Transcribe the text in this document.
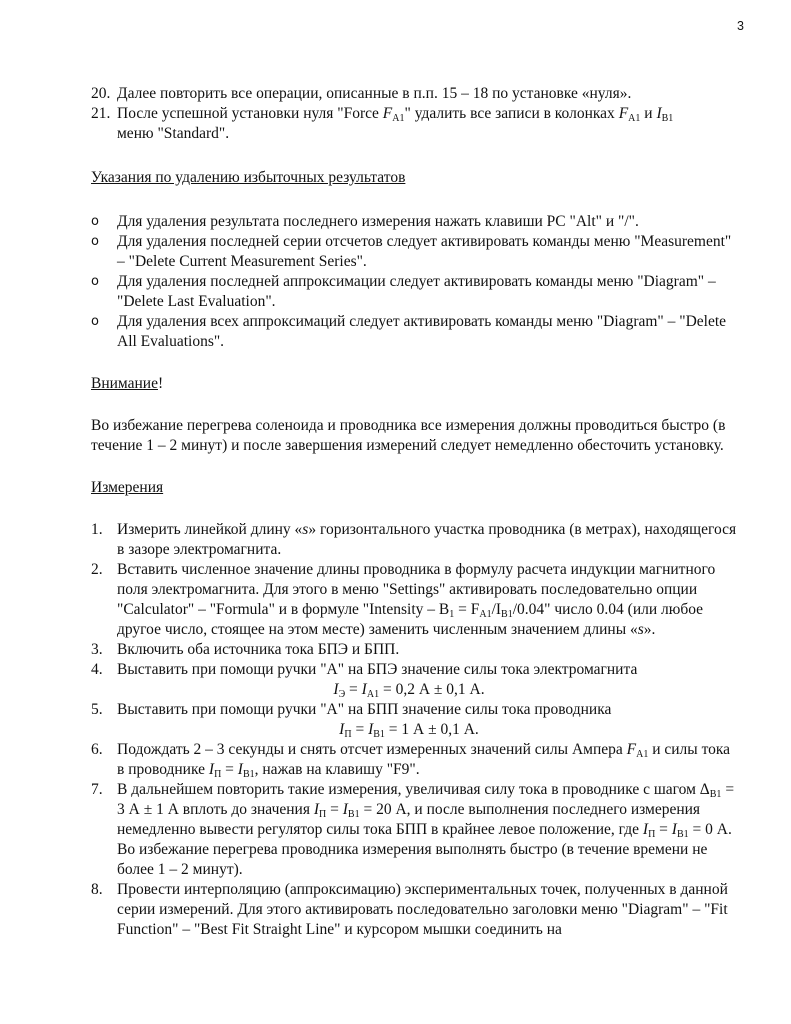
3
20. Далее повторить все операции, описанные в п.п. 15 – 18 по установке «нуля».
21. После успешной установки нуля "Force $F_{A1}$" удалить все записи в колонках $F_{A1}$ и $I_{B1}$
меню "Standard".
Указания по удалению избыточных результатов
o Для удаления результата последнего измерения нажать клавиши PC "Alt" и "/".
o Для удаления последней серии отсчетов следует активировать команды меню "Measurement" – "Delete Current Measurement Series".
o Для удаления последней аппроксимации следует активировать команды меню "Diagram" – "Delete Last Evaluation".
o Для удаления всех аппроксимаций следует активировать команды меню "Diagram" – "Delete All Evaluations".
Внимание!

Во избежание перегрева соленоида и проводника все измерения должны проводиться быстро (в течение 1 – 2 минут) и после завершения измерений следует немедленно обесточить установку.

Измерения
1. Измерить линейкой длину «s» горизонтального участка проводника (в метрах), находящегося в зазоре электромагнита.
2. Вставить численное значение длины проводника в формулу расчета индукции магнитного поля электромагнита. Для этого в меню "Settings" активировать последовательно опции "Calculator" – "Formula" и в формуле "Intensity – $B_1 = F_{A1}/I_{B1}/0.04$" число 0.04 (или любое другое число, стоящее на этом месте) заменить численным значением длины «s».
3. Включить оба источника тока БПЭ и БПП.
4. Выставить при помощи ручки "А" на БПЭ значение силы тока электромагнита
$I_Э = I_{A1} = 0,2$ А ± 0,1 А.
5. Выставить при помощи ручки "А" на БПП значение силы тока проводника
$I_П = I_{B1} = 1$ А ± 0,1 А.
6. Подождать 2 – 3 секунды и снять отсчет измеренных значений силы Ампера $F_{A1}$ и силы тока в проводнике $I_П = I_{B1}$, нажав на клавишу "F9".
7. В дальнейшем повторить такие измерения, увеличивая силу тока в проводнике с шагом $\Delta_{B1} = 3$ А ± 1 А вплоть до значения $I_П = I_{B1} = 20$ А, и после выполнения последнего измерения немедленно вывести регулятор силы тока БПП в крайнее левое положение, где $I_П = I_{B1} = 0$ А. Во избежание перегрева проводника измерения выполнять быстро (в течение времени не более 1 – 2 минут).
8. Провести интерполяцию (аппроксимацию) экспериментальных точек, полученных в данной серии измерений. Для этого активировать последовательно заголовки меню "Diagram" – "Fit Function" – "Best Fit Straight Line" и курсором мышки соединить на
